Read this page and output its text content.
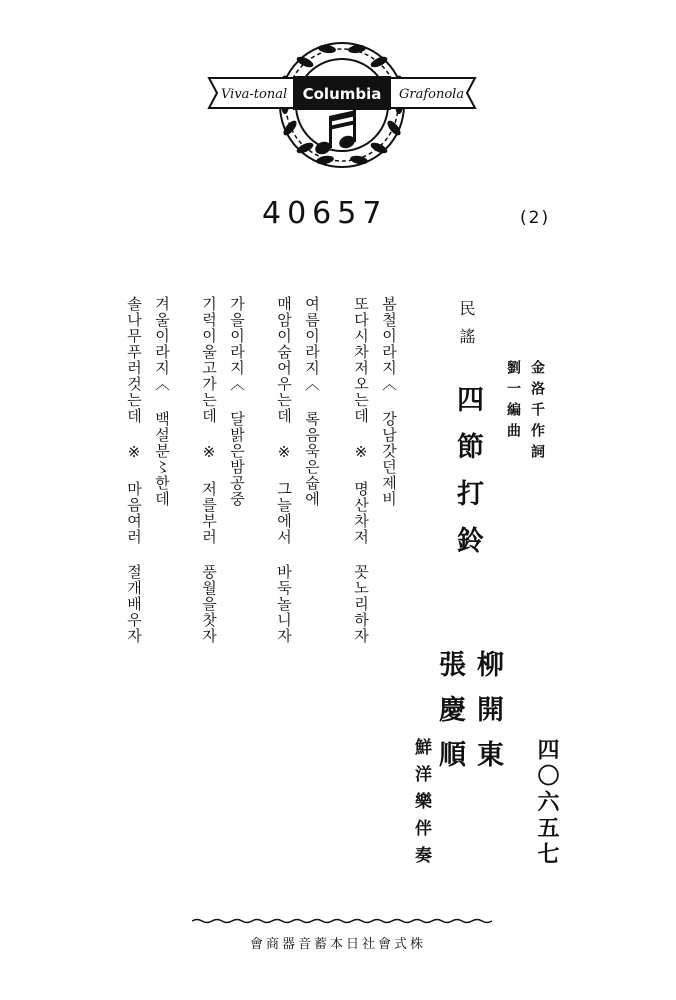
Viva-tonal Columbia Grafonola
40657	(2)
民謠
四節打鈴	金洛千作詞
劉一編曲
봄철이라지〈 강남갓던제비
또다시차저오는데 ※ 명산차저 꼿노리하자
여름이라지〈 록음욱은숩에
매암이숨어우는데 ※ 그늘에서 바둑놀니자
가을이라지〈 달밝은밤공중
기럭이울고가는데 ※ 저를부러 풍월을찻자
겨울이라지〈 백설분〻한데
솔나무푸러것는데 ※ 마음여러 절개배우자
柳開東
張慶順
鮮洋樂伴奏	四〇六五七
會商器音蓄本日社會式株
